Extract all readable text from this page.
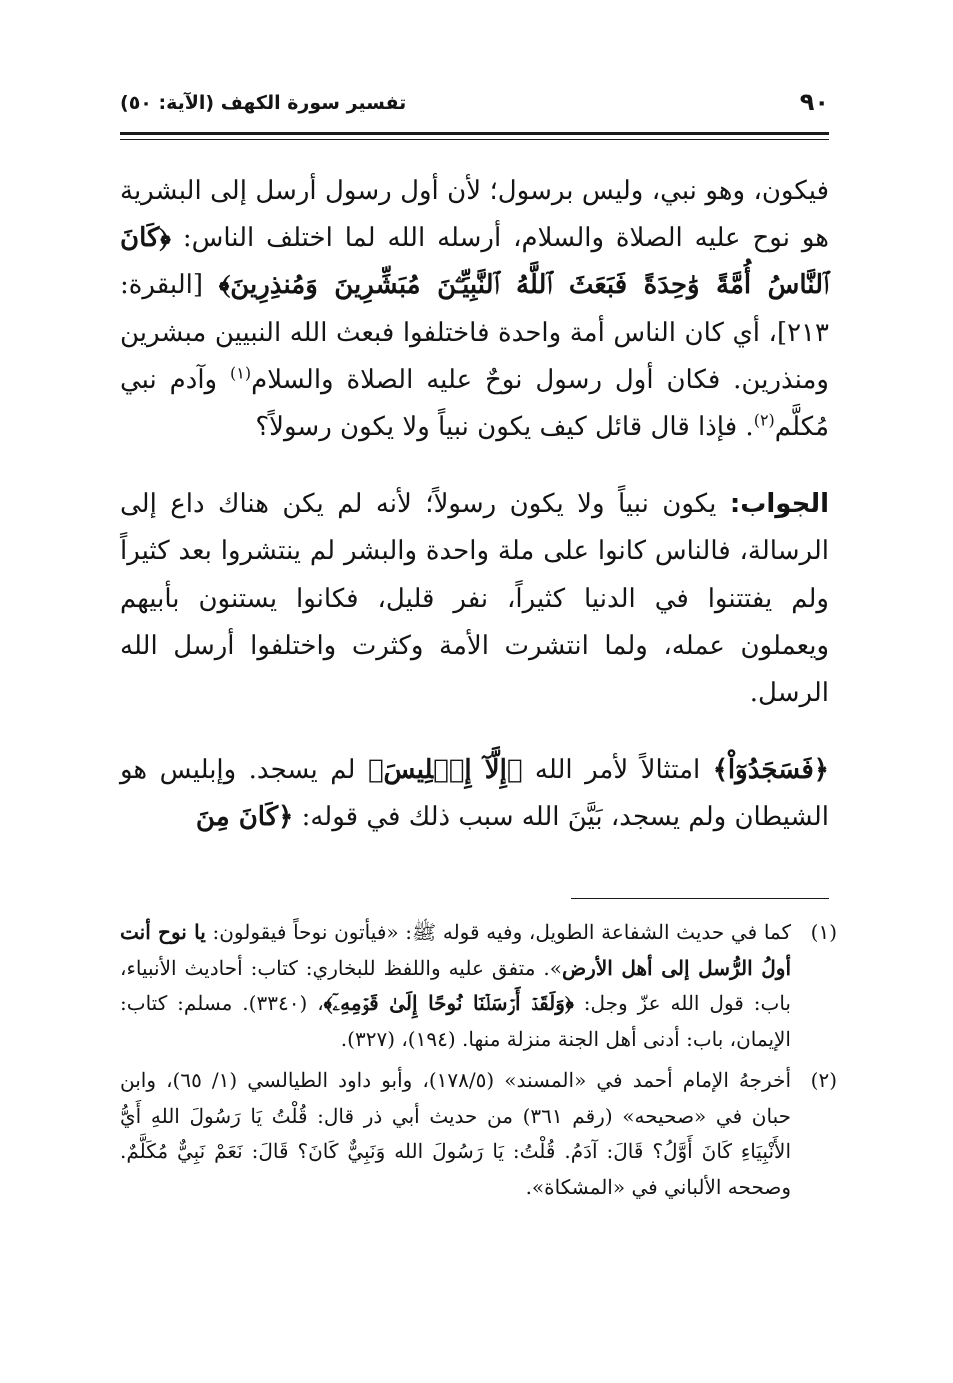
٩٠
تفسير سورة الكهف (الآية: ٥٠)

فيكون، وهو نبي، وليس برسول؛ لأن أول رسول أرسل إلى البشرية هو نوح عليه الصلاة والسلام، أرسله الله لما اختلف الناس: ﴿كَانَ ٱلنَّاسُ أُمَّةً وَٰحِدَةً فَبَعَثَ ٱللَّهُ ٱلنَّبِيِّـۧنَ مُبَشِّرِينَ وَمُنذِرِينَ﴾ [البقرة: ٢١٣]، أي كان الناس أمة واحدة فاختلفوا فبعث الله النبيين مبشرين ومنذرين. فكان أول رسول نوحٌ عليه الصلاة والسلام$^{(١)}$ وآدم نبي مُكلَّم$^{(٢)}$. فإذا قال قائل كيف يكون نبياً ولا يكون رسولاً؟

الجواب: يكون نبياً ولا يكون رسولاً؛ لأنه لم يكن هناك داع إلى الرسالة، فالناس كانوا على ملة واحدة والبشر لم ينتشروا بعد كثيراً ولم يفتتنوا في الدنيا كثيراً، نفر قليل، فكانوا يستنون بأبيهم ويعملون عمله، ولما انتشرت الأمة وكثرت واختلفوا أرسل الله الرسل.

﴿فَسَجَدُوٓاْ﴾ امتثالاً لأمر الله ﴿إِلَّآ إِبۡلِيسَ﴾ لم يسجد. وإبليس هو الشيطان ولم يسجد، بَيَّنَ الله سبب ذلك في قوله: ﴿كَانَ مِنَ

(١)
كما في حديث الشفاعة الطويل، وفيه قوله ﷺ: «فيأتون نوحاً فيقولون: يا نوح أنت أولُ الرُّسل إلى أهل الأرض». متفق عليه واللفظ للبخاري: كتاب: أحاديث الأنبياء، باب: قول الله عزّ وجل: ﴿وَلَقَدۡ أَرۡسَلۡنَا نُوحًا إِلَىٰ قَوۡمِهِۦٓ﴾، (٣٣٤٠). مسلم: كتاب: الإيمان، باب: أدنى أهل الجنة منزلة منها. (١٩٤)، (٣٢٧).
(٢)
أخرجهُ الإمام أحمد في «المسند» (١٧٨/٥)، وأبو داود الطيالسي (١/ ٦٥)، وابن حبان في «صحيحه» (رقم ٣٦١) من حديث أبي ذر قال: قُلْتُ يَا رَسُولَ اللهِ أَيُّ الأَنْبِيَاءِ كَانَ أَوَّلُ؟ قَالَ: آدَمُ. قُلْتُ: يَا رَسُولَ الله وَنَبِيٌّ كَانَ؟ قَالَ: نَعَمْ نَبِيٌّ مُكَلَّمٌ. وصححه الألباني في «المشكاة».
